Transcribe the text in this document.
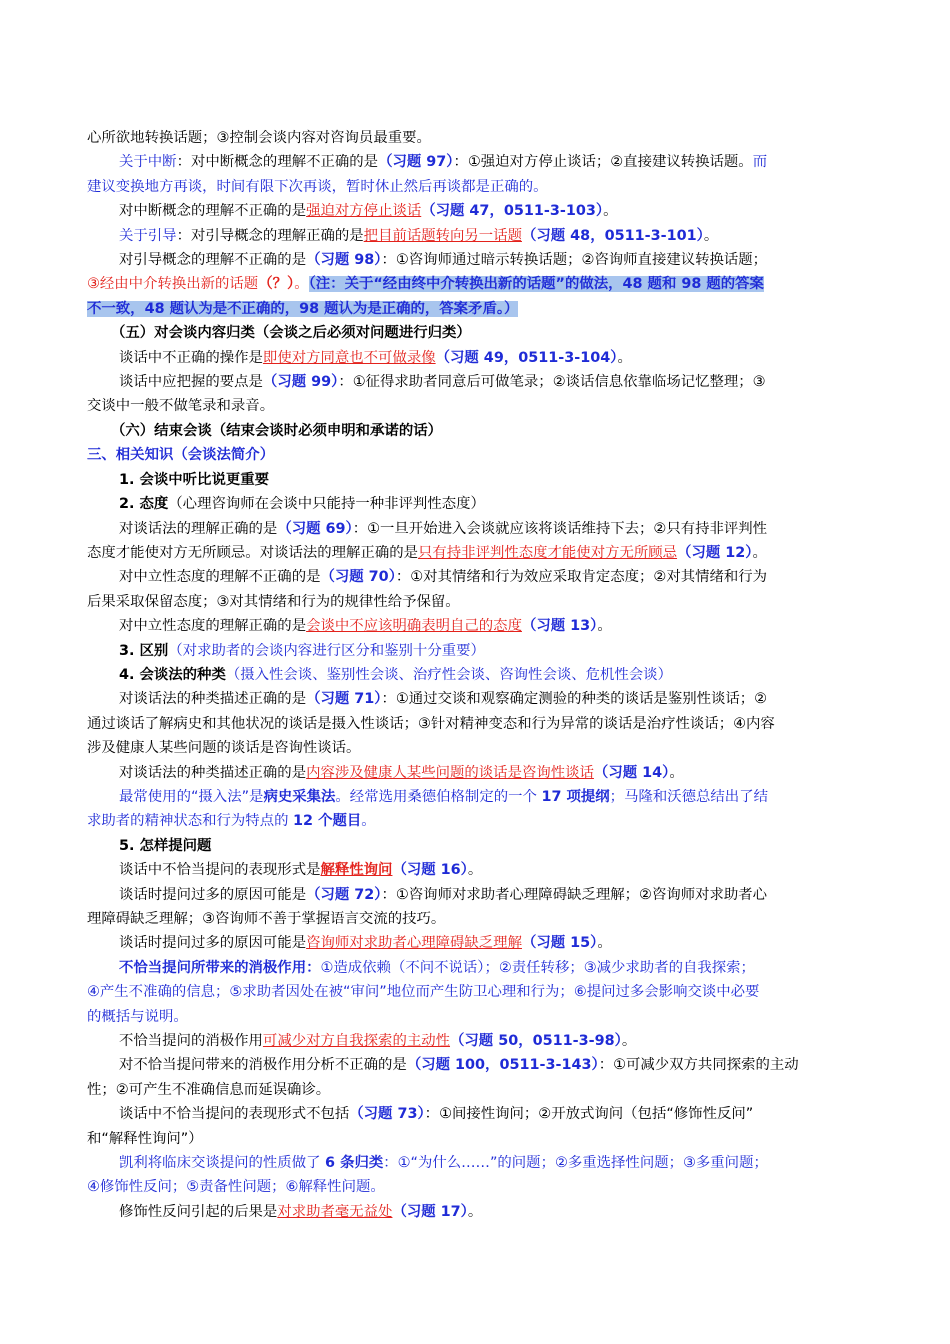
心所欲地转换话题；③控制会谈内容对咨询员最重要。
关于中断：对中断概念的理解不正确的是（习题 97）：①强迫对方停止谈话；②直接建议转换话题。而
建议变换地方再谈，时间有限下次再谈，暂时休止然后再谈都是正确的。
对中断概念的理解不正确的是强迫对方停止谈话（习题 47，0511-3-103）。
关于引导：对引导概念的理解正确的是把目前话题转向另一话题（习题 48，0511-3-101）。
对引导概念的理解不正确的是（习题 98）：①咨询师通过暗示转换话题；②咨询师直接建议转换话题；
③经由中介转换出新的话题（？）。（注：关于“经由终中介转换出新的话题”的做法，48 题和 98 题的答案
不一致，48 题认为是不正确的，98 题认为是正确的，答案矛盾。）
（五）对会谈内容归类（会谈之后必须对问题进行归类）
谈话中不正确的操作是即使对方同意也不可做录像（习题 49，0511-3-104）。
谈话中应把握的要点是（习题 99）：①征得求助者同意后可做笔录；②谈话信息依靠临场记忆整理；③
交谈中一般不做笔录和录音。
（六）结束会谈（结束会谈时必须申明和承诺的话）
三、相关知识（会谈法简介）
1. 会谈中听比说更重要
2. 态度（心理咨询师在会谈中只能持一种非评判性态度）
对谈话法的理解正确的是（习题 69）：①一旦开始进入会谈就应该将谈话维持下去；②只有持非评判性
态度才能使对方无所顾忌。对谈话法的理解正确的是只有持非评判性态度才能使对方无所顾忌（习题 12）。
对中立性态度的理解不正确的是（习题 70）：①对其情绪和行为效应采取肯定态度；②对其情绪和行为
后果采取保留态度；③对其情绪和行为的规律性给予保留。
对中立性态度的理解正确的是会谈中不应该明确表明自己的态度（习题 13）。
3. 区别（对求助者的会谈内容进行区分和鉴别十分重要）
4. 会谈法的种类（摄入性会谈、鉴别性会谈、治疗性会谈、咨询性会谈、危机性会谈）
对谈话法的种类描述正确的是（习题 71）：①通过交谈和观察确定测验的种类的谈话是鉴别性谈话；②
通过谈话了解病史和其他状况的谈话是摄入性谈话；③针对精神变态和行为异常的谈话是治疗性谈话；④内容
涉及健康人某些问题的谈话是咨询性谈话。
对谈话法的种类描述正确的是内容涉及健康人某些问题的谈话是咨询性谈话（习题 14）。
最常使用的“摄入法”是病史采集法。经常选用桑德伯格制定的一个 17 项提纲；马隆和沃德总结出了结
求助者的精神状态和行为特点的 12 个题目。
5. 怎样提问题
谈话中不恰当提问的表现形式是解释性询问（习题 16）。
谈话时提问过多的原因可能是（习题 72）：①咨询师对求助者心理障碍缺乏理解；②咨询师对求助者心
理障碍缺乏理解；③咨询师不善于掌握语言交流的技巧。
谈话时提问过多的原因可能是咨询师对求助者心理障碍缺乏理解（习题 15）。
不恰当提问所带来的消极作用：①造成依赖（不问不说话）；②责任转移；③减少求助者的自我探索；
④产生不准确的信息；⑤求助者因处在被“审问”地位而产生防卫心理和行为；⑥提问过多会影响交谈中必要
的概括与说明。
不恰当提问的消极作用可减少对方自我探索的主动性（习题 50，0511-3-98）。
对不恰当提问带来的消极作用分析不正确的是（习题 100，0511-3-143）：①可减少双方共同探索的主动
性；②可产生不准确信息而延误确诊。
谈话中不恰当提问的表现形式不包括（习题 73）：①间接性询问；②开放式询问（包括“修饰性反问”
和“解释性询问”）
凯利将临床交谈提问的性质做了 6 条归类：①“为什么……”的问题；②多重选择性问题；③多重问题；
④修饰性反问；⑤责备性问题；⑥解释性问题。
修饰性反问引起的后果是对求助者毫无益处（习题 17）。
